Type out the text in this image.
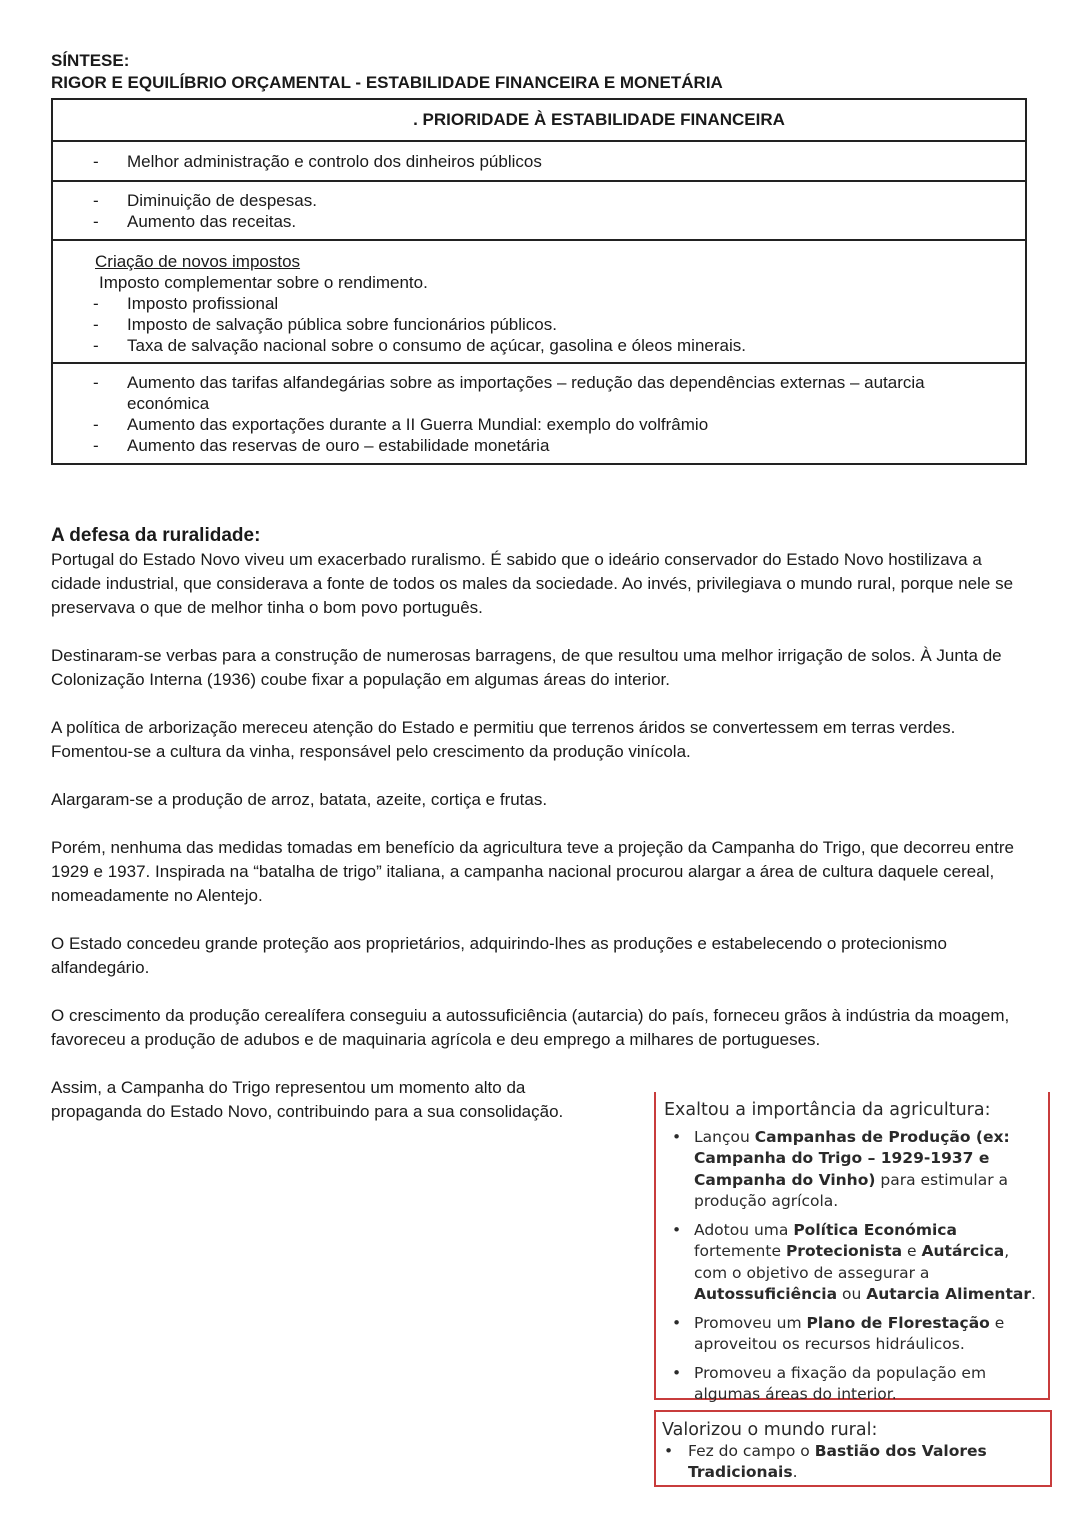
SÍNTESE:
RIGOR E EQUILÍBRIO ORÇAMENTAL - ESTABILIDADE FINANCEIRA E MONETÁRIA
. PRIORIDADE À ESTABILIDADE FINANCEIRA

-	Melhor administração e controlo dos dinheiros públicos

-	Diminuição de despesas.
-	Aumento das receitas.

Criação de novos impostos
Imposto complementar sobre o rendimento.
-	Imposto profissional
-	Imposto de salvação pública sobre funcionários públicos.
-	Taxa de salvação nacional sobre o consumo de açúcar, gasolina e óleos minerais.

-	Aumento das tarifas alfandegárias sobre as importações – redução das dependências externas – autarcia económica
-	Aumento das exportações durante a II Guerra Mundial: exemplo do volfrâmio
-	Aumento das reservas de ouro – estabilidade monetária
A defesa da ruralidade:

Portugal do Estado Novo viveu um exacerbado ruralismo. É sabido que o ideário conservador do Estado Novo hostilizava a cidade industrial, que considerava a fonte de todos os males da sociedade. Ao invés, privilegiava o mundo rural, porque nele se preservava o que de melhor tinha o bom povo português.

Destinaram-se verbas para a construção de numerosas barragens, de que resultou uma melhor irrigação de solos. À Junta de Colonização Interna (1936) coube fixar a população em algumas áreas do interior.

A política de arborização mereceu atenção do Estado e permitiu que terrenos áridos se convertessem em terras verdes. Fomentou-se a cultura da vinha, responsável pelo crescimento da produção vinícola.

Alargaram-se a produção de arroz, batata, azeite, cortiça e frutas.

Porém, nenhuma das medidas tomadas em benefício da agricultura teve a projeção da Campanha do Trigo, que decorreu entre 1929 e 1937. Inspirada na “batalha de trigo” italiana, a campanha nacional procurou alargar a área de cultura daquele cereal, nomeadamente no Alentejo.

O Estado concedeu grande proteção aos proprietários, adquirindo-lhes as produções e estabelecendo o protecionismo alfandegário.

O crescimento da produção cerealífera conseguiu a autossuficiência (autarcia) do país, forneceu grãos à indústria da moagem, favoreceu a produção de adubos e de maquinaria agrícola e deu emprego a milhares de portugueses.

Assim, a Campanha do Trigo representou um momento alto da propaganda do Estado Novo, contribuindo para a sua consolidação.	Exaltou a importância da agricultura:
• Lançou Campanhas de Produção (ex: Campanha do Trigo – 1929-1937 e Campanha do Vinho) para estimular a produção agrícola.
• Adotou uma Política Económica fortemente Protecionista e Autárcica, com o objetivo de assegurar a Autossuficiência ou Autarcia Alimentar.
• Promoveu um Plano de Florestação e aproveitou os recursos hidráulicos.
• Promoveu a fixação da população em algumas áreas do interior.
Valorizou o mundo rural:
• Fez do campo o Bastião dos Valores Tradicionais.
